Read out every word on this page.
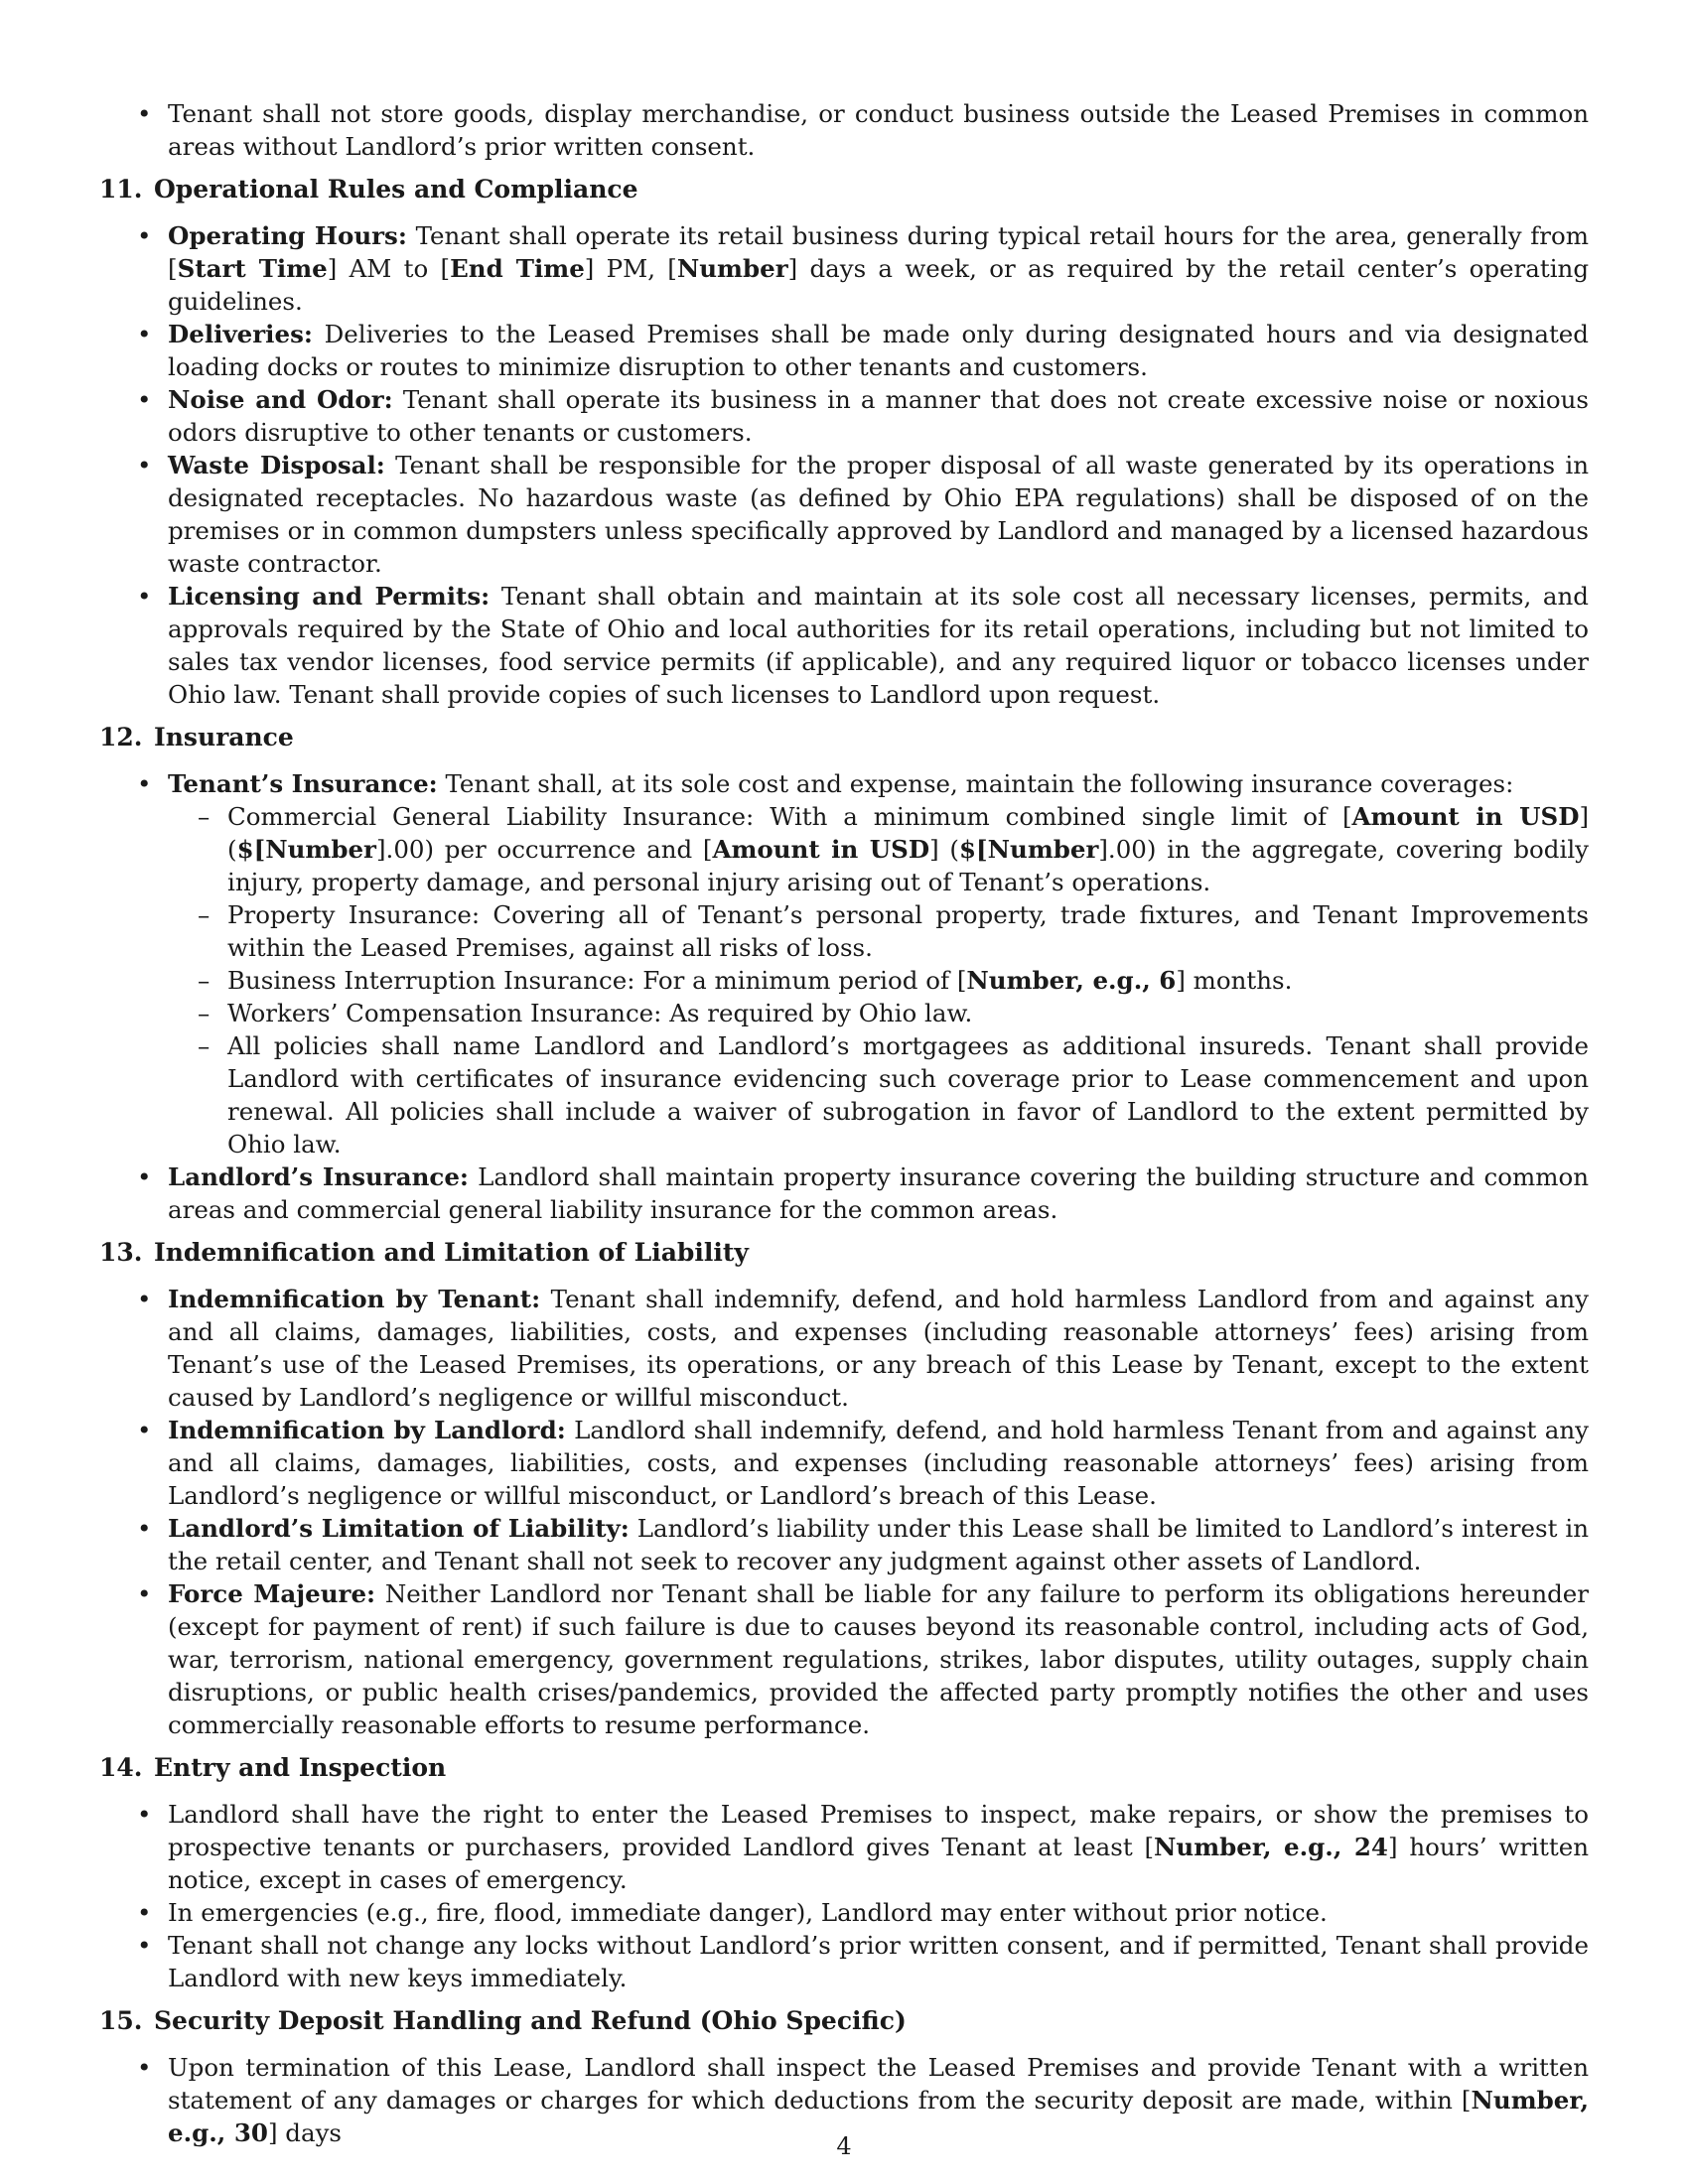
• Tenant shall not store goods, display merchandise, or conduct business outside the Leased Premises in common areas without Landlord’s prior written consent.
11. Operational Rules and Compliance
• Operating Hours: Tenant shall operate its retail business during typical retail hours for the area, generally from [Start Time] AM to [End Time] PM, [Number] days a week, or as required by the retail center’s operating guidelines.
• Deliveries: Deliveries to the Leased Premises shall be made only during designated hours and via designated loading docks or routes to minimize disruption to other tenants and customers.
• Noise and Odor: Tenant shall operate its business in a manner that does not create excessive noise or noxious odors disruptive to other tenants or customers.
• Waste Disposal: Tenant shall be responsible for the proper disposal of all waste generated by its operations in designated receptacles. No hazardous waste (as defined by Ohio EPA regulations) shall be disposed of on the premises or in common dumpsters unless specifically approved by Landlord and managed by a licensed hazardous waste contractor.
• Licensing and Permits: Tenant shall obtain and maintain at its sole cost all necessary licenses, permits, and approvals required by the State of Ohio and local authorities for its retail operations, including but not limited to sales tax vendor licenses, food service permits (if applicable), and any required liquor or tobacco licenses under Ohio law. Tenant shall provide copies of such licenses to Landlord upon request.
12. Insurance
• Tenant’s Insurance: Tenant shall, at its sole cost and expense, maintain the following insurance coverages:
– Commercial General Liability Insurance: With a minimum combined single limit of [Amount in USD] ($[Number].00) per occurrence and [Amount in USD] ($[Number].00) in the aggregate, covering bodily injury, property damage, and personal injury arising out of Tenant’s operations.
– Property Insurance: Covering all of Tenant’s personal property, trade fixtures, and Tenant Improvements within the Leased Premises, against all risks of loss.
– Business Interruption Insurance: For a minimum period of [Number, e.g., 6] months.
– Workers’ Compensation Insurance: As required by Ohio law.
– All policies shall name Landlord and Landlord’s mortgagees as additional insureds. Tenant shall provide Landlord with certificates of insurance evidencing such coverage prior to Lease commencement and upon renewal. All policies shall include a waiver of subrogation in favor of Landlord to the extent permitted by Ohio law.
• Landlord’s Insurance: Landlord shall maintain property insurance covering the building structure and common areas and commercial general liability insurance for the common areas.
13. Indemnification and Limitation of Liability
• Indemnification by Tenant: Tenant shall indemnify, defend, and hold harmless Landlord from and against any and all claims, damages, liabilities, costs, and expenses (including reasonable attorneys’ fees) arising from Tenant’s use of the Leased Premises, its operations, or any breach of this Lease by Tenant, except to the extent caused by Landlord’s negligence or willful misconduct.
• Indemnification by Landlord: Landlord shall indemnify, defend, and hold harmless Tenant from and against any and all claims, damages, liabilities, costs, and expenses (including reasonable attorneys’ fees) arising from Landlord’s negligence or willful misconduct, or Landlord’s breach of this Lease.
• Landlord’s Limitation of Liability: Landlord’s liability under this Lease shall be limited to Landlord’s interest in the retail center, and Tenant shall not seek to recover any judgment against other assets of Landlord.
• Force Majeure: Neither Landlord nor Tenant shall be liable for any failure to perform its obligations hereunder (except for payment of rent) if such failure is due to causes beyond its reasonable control, including acts of God, war, terrorism, national emergency, government regulations, strikes, labor disputes, utility outages, supply chain disruptions, or public health crises/pandemics, provided the affected party promptly notifies the other and uses commercially reasonable efforts to resume performance.
14. Entry and Inspection
• Landlord shall have the right to enter the Leased Premises to inspect, make repairs, or show the premises to prospective tenants or purchasers, provided Landlord gives Tenant at least [Number, e.g., 24] hours’ written notice, except in cases of emergency.
• In emergencies (e.g., fire, flood, immediate danger), Landlord may enter without prior notice.
• Tenant shall not change any locks without Landlord’s prior written consent, and if permitted, Tenant shall provide Landlord with new keys immediately.
15. Security Deposit Handling and Refund (Ohio Specific)
• Upon termination of this Lease, Landlord shall inspect the Leased Premises and provide Tenant with a written statement of any damages or charges for which deductions from the security deposit are made, within [Number, e.g., 30] days	4
